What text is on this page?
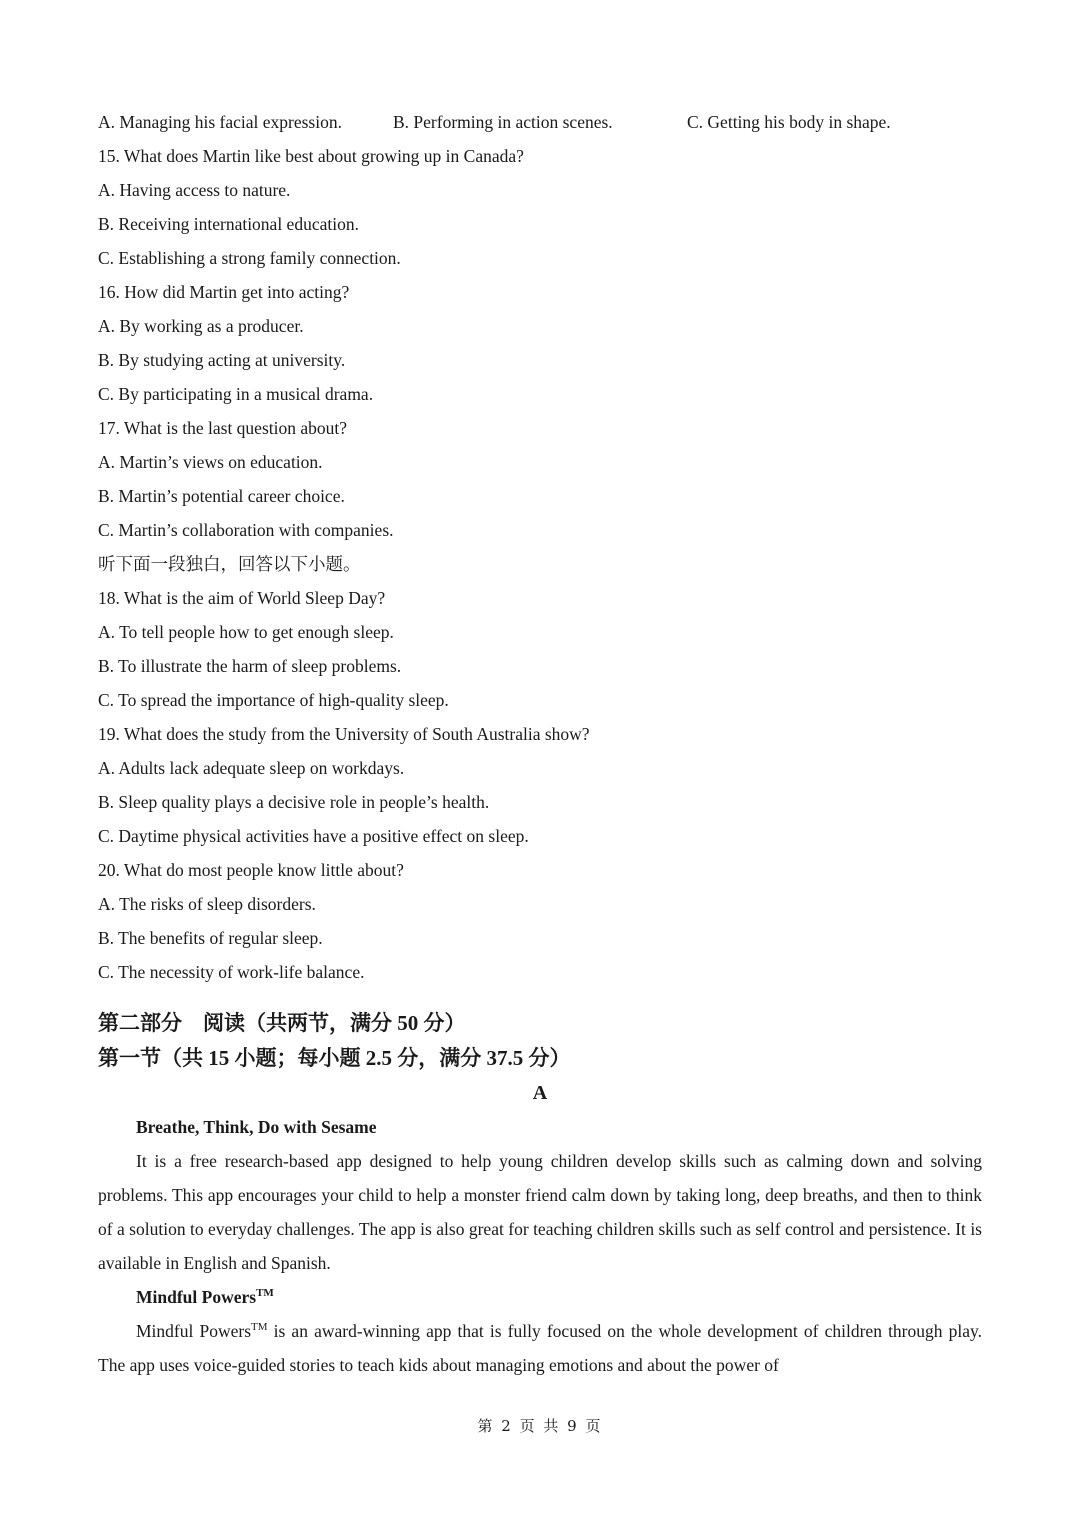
A. Managing his facial expression.	B. Performing in action scenes.	C. Getting his body in shape.
15. What does Martin like best about growing up in Canada?
A. Having access to nature.
B. Receiving international education.
C. Establishing a strong family connection.
16. How did Martin get into acting?
A. By working as a producer.
B. By studying acting at university.
C. By participating in a musical drama.
17. What is the last question about?
A. Martin’s views on education.
B. Martin’s potential career choice.
C. Martin’s collaboration with companies.
听下面一段独白，回答以下小题。
18. What is the aim of World Sleep Day?
A. To tell people how to get enough sleep.
B. To illustrate the harm of sleep problems.
C. To spread the importance of high-quality sleep.
19. What does the study from the University of South Australia show?
A. Adults lack adequate sleep on workdays.
B. Sleep quality plays a decisive role in people’s health.
C. Daytime physical activities have a positive effect on sleep.
20. What do most people know little about?
A. The risks of sleep disorders.
B. The benefits of regular sleep.
C. The necessity of work-life balance.
第二部分　阅读（共两节，满分 50 分）
第一节（共 15 小题；每小题 2.5 分，满分 37.5 分）
A
Breathe, Think, Do with Sesame

It is a free research-based app designed to help young children develop skills such as calming down and solving problems. This app encourages your child to help a monster friend calm down by taking long, deep breaths, and then to think of a solution to everyday challenges. The app is also great for teaching children skills such as self control and persistence. It is available in English and Spanish.

Mindful Powers™

Mindful Powers™ is an award-winning app that is fully focused on the whole development of children through play. The app uses voice-guided stories to teach kids about managing emotions and about the power of

第 2 页 共 9 页
